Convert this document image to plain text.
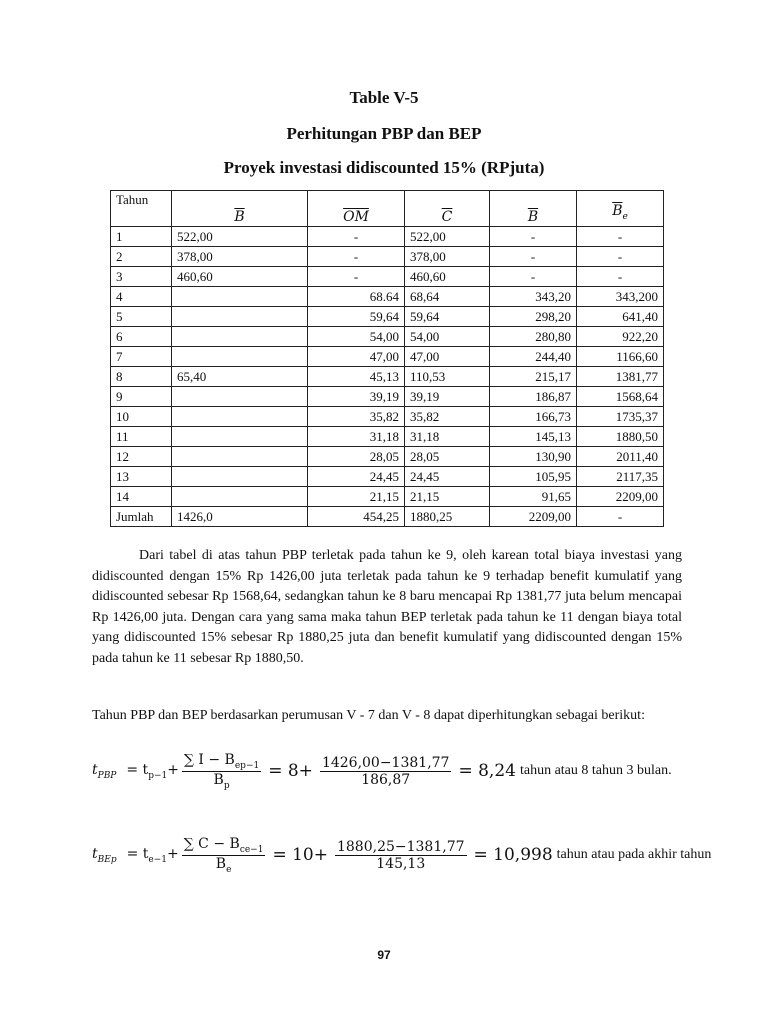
Table V-5
Perhitungan PBP dan BEP
Proyek investasi didiscounted 15% (RPjuta)
Tahun	$\overline{B}$	$\overline{OM}$	$\overline{C}$	$\overline{B}$	$\overline{B}_e$
1	522,00	-	522,00	-	-
2	378,00	-	378,00	-	-
3	460,60	-	460,60	-	-
4		68.64	68,64	343,20	343,200
5		59,64	59,64	298,20	641,40
6		54,00	54,00	280,80	922,20
7		47,00	47,00	244,40	1166,60
8	65,40	45,13	110,53	215,17	1381,77
9		39,19	39,19	186,87	1568,64
10		35,82	35,82	166,73	1735,37
11		31,18	31,18	145,13	1880,50
12		28,05	28,05	130,90	2011,40
13		24,45	24,45	105,95	2117,35
14		21,15	21,15	91,65	2209,00
Jumlah	1426,0	454,25	1880,25	2209,00	-
Dari tabel di atas tahun PBP terletak pada tahun ke 9, oleh karean total biaya investasi yang didiscounted dengan 15% Rp 1426,00 juta terletak pada tahun ke 9 terhadap benefit kumulatif yang didiscounted sebesar Rp 1568,64, sedangkan tahun ke 8 baru mencapai Rp 1381,77 juta belum mencapai Rp 1426,00 juta. Dengan cara yang sama maka tahun BEP terletak pada tahun ke 11 dengan biaya total yang didiscounted 15% sebesar Rp 1880,25 juta dan benefit kumulatif yang didiscounted dengan 15% pada tahun ke 11 sebesar Rp 1880,50.
Tahun PBP dan BEP berdasarkan perumusan V - 7 dan V - 8 dapat diperhitungkan sebagai berikut:
$t_{PBP} = t_{p-1}+ \frac{\sum I - B_{ep-1}}{B_p} = 8+ \frac{1426,00-1381,77}{186,87} = 8,24$ tahun atau 8 tahun 3 bulan.
$t_{BEp} = t_{e-1}+ \frac{\sum C - B_{ce-1}}{B_e} = 10+ \frac{1880,25-1381,77}{145,13} = 10,998$ tahun atau pada akhir tahun
97
